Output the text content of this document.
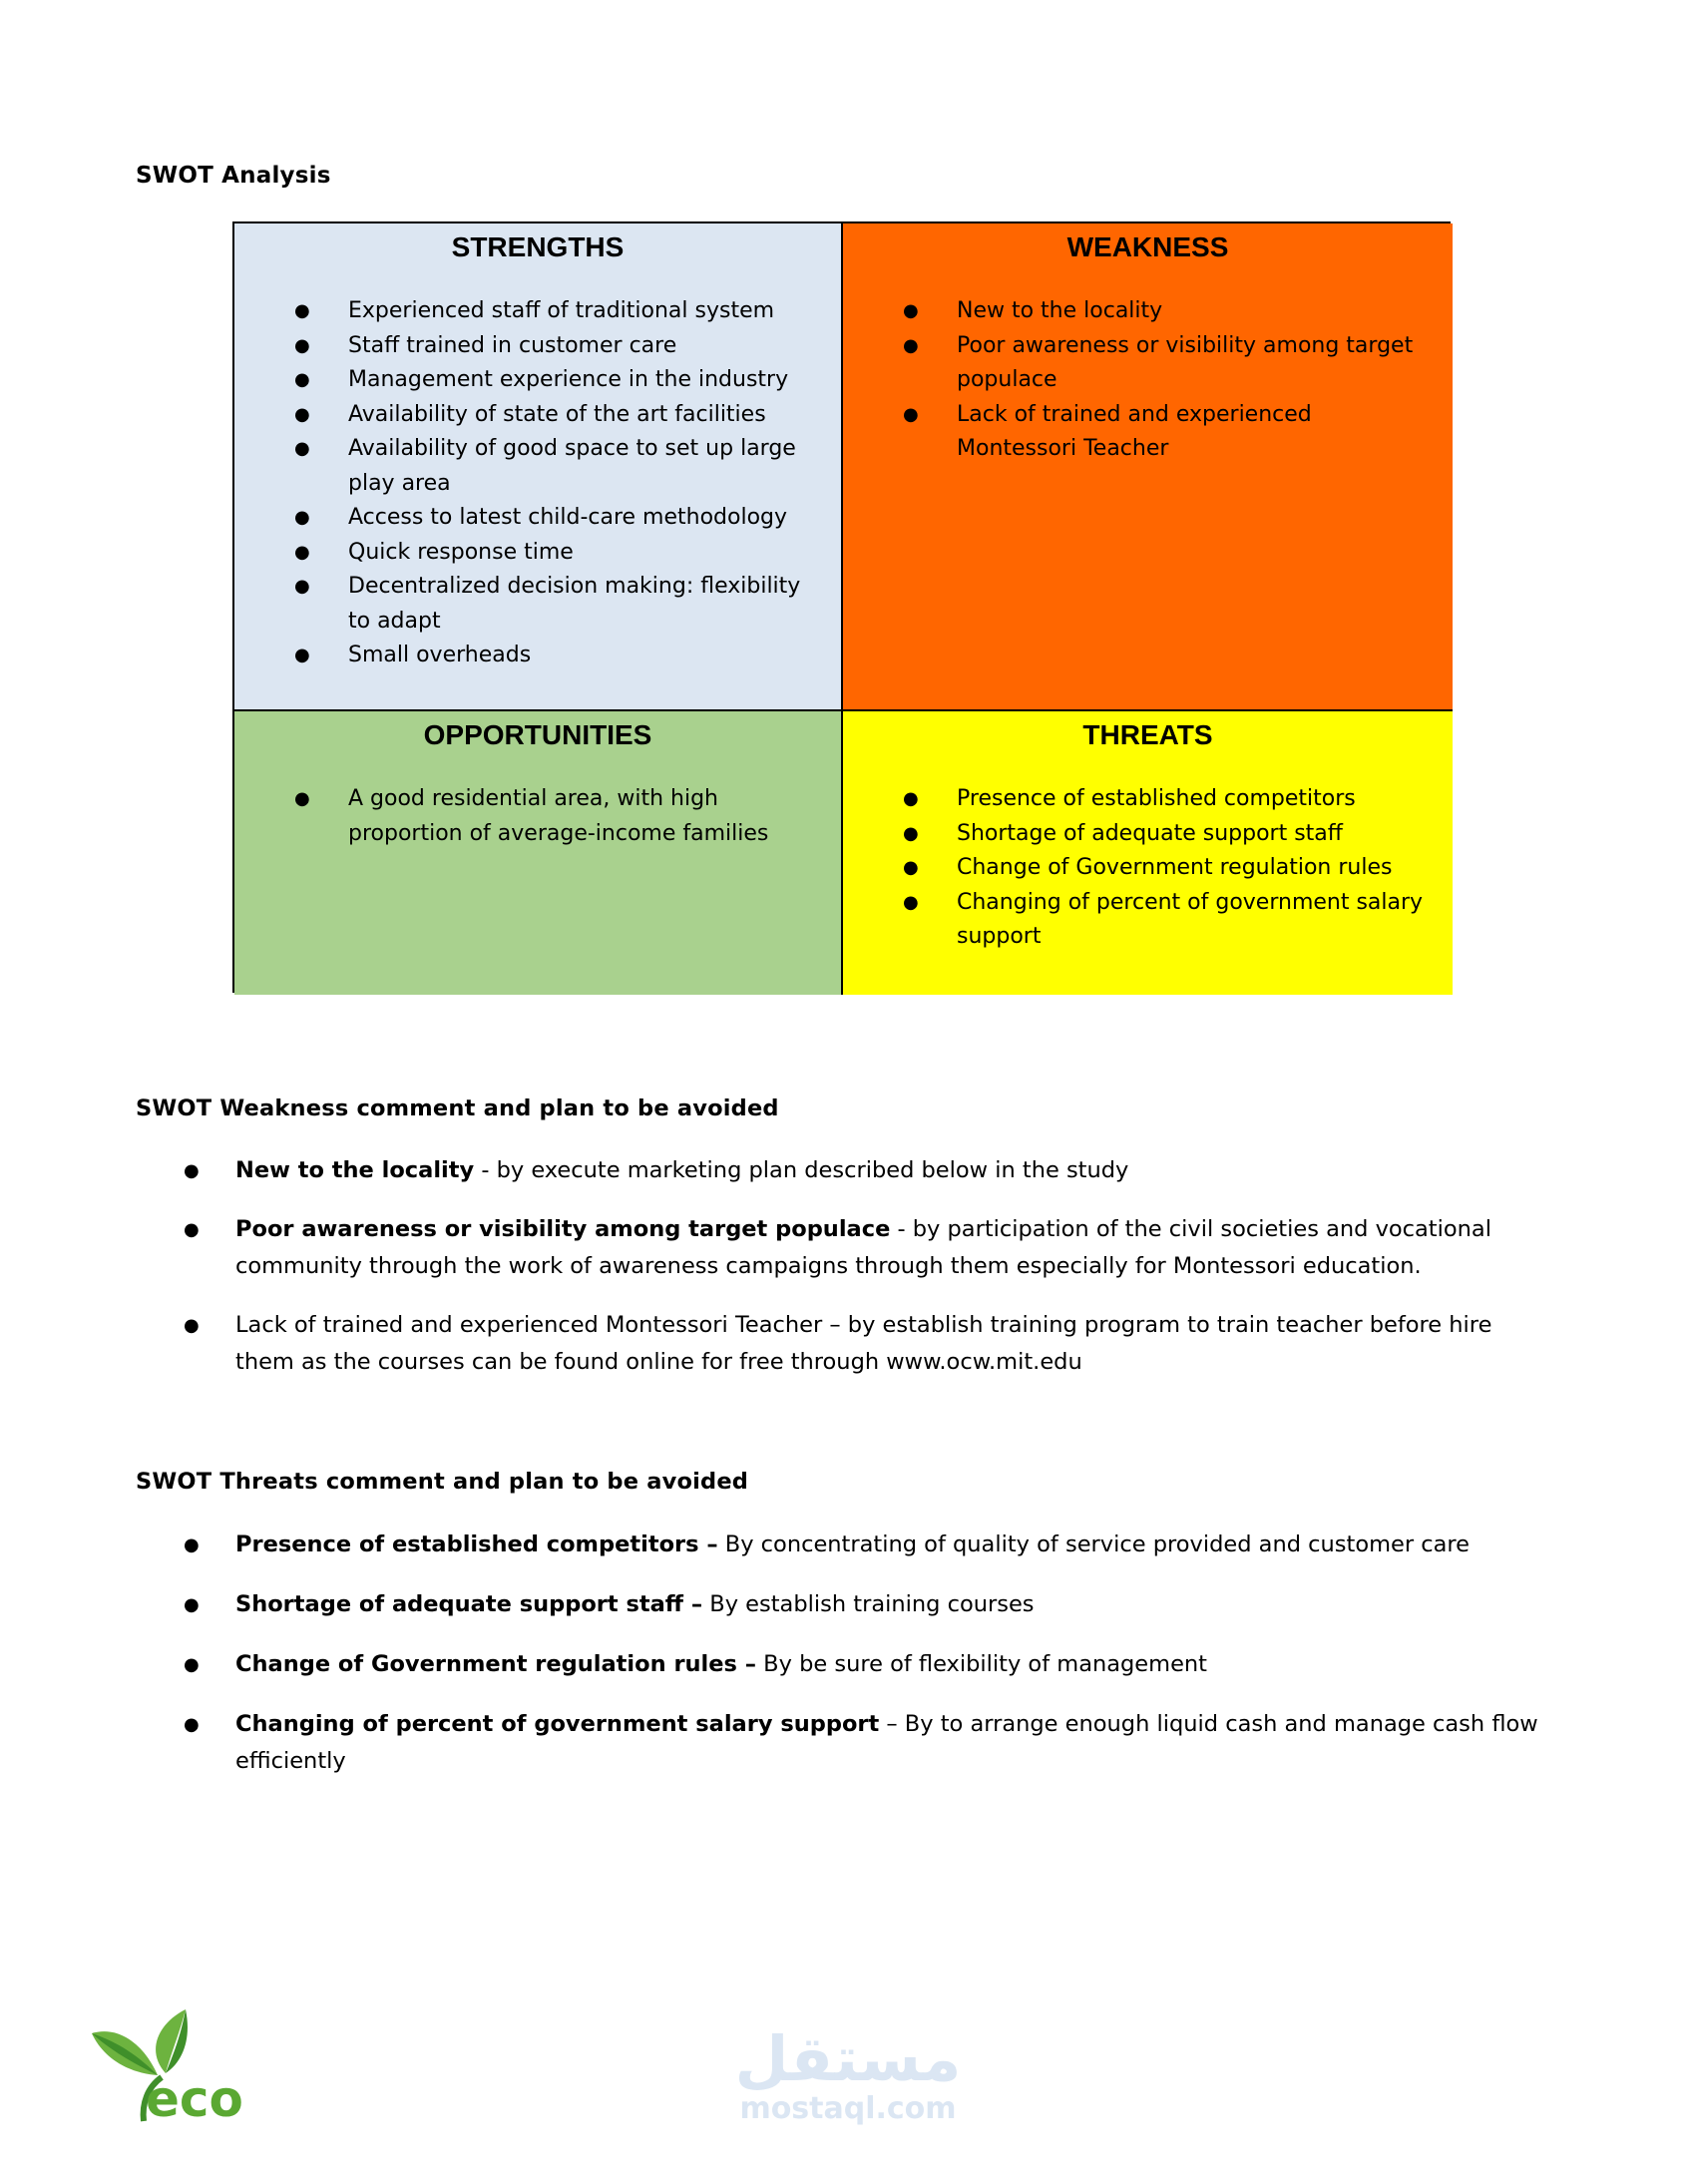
SWOT Analysis
STRENGTHS
● Experienced staff of traditional system
● Staff trained in customer care
● Management experience in the industry
● Availability of state of the art facilities
● Availability of good space to set up large play area
● Access to latest child-care methodology
● Quick response time
● Decentralized decision making: flexibility to adapt
● Small overheads
WEAKNESS
● New to the locality
● Poor awareness or visibility among target populace
● Lack of trained and experienced Montessori Teacher
OPPORTUNITIES
● A good residential area, with high proportion of average-income families
THREATS
● Presence of established competitors
● Shortage of adequate support staff
● Change of Government regulation rules
● Changing of percent of government salary support
SWOT Weakness comment and plan to be avoided
● New to the locality - by execute marketing plan described below in the study
● Poor awareness or visibility among target populace - by participation of the civil societies and vocational community through the work of awareness campaigns through them especially for Montessori education.
● Lack of trained and experienced Montessori Teacher – by establish training program to train teacher before hire them as the courses can be found online for free through www.ocw.mit.edu
SWOT Threats comment and plan to be avoided
● Presence of established competitors – By concentrating of quality of service provided and customer care
● Shortage of adequate support staff – By establish training courses
● Change of Government regulation rules – By be sure of flexibility of management
● Changing of percent of government salary support – By to arrange enough liquid cash and manage cash flow efficiently
eco
مستقل
mostaql.com
